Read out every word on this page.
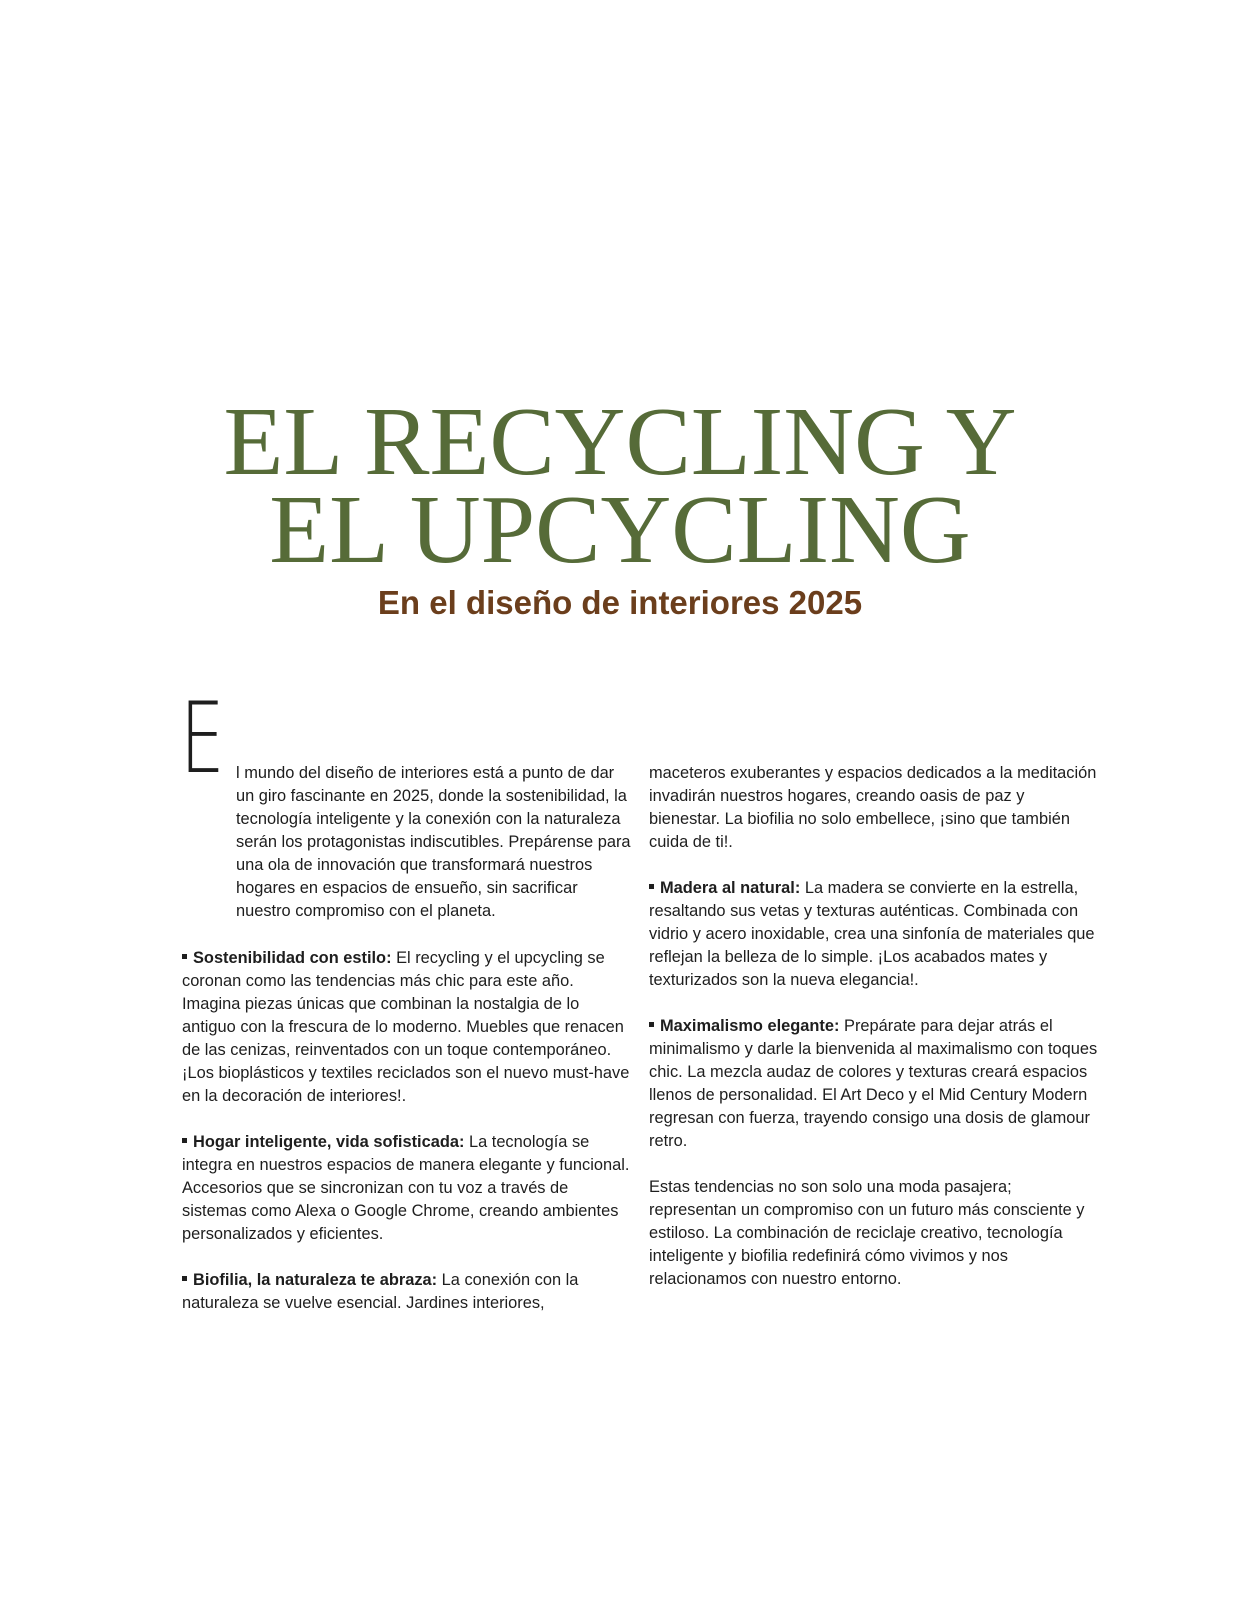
EL RECYCLING Y
EL UPCYCLING
En el diseño de interiores 2025
E l mundo del diseño de interiores está a punto de dar un giro fascinante en 2025, donde la sostenibilidad, la tecnología inteligente y la conexión con la naturaleza serán los protagonistas indiscutibles. Prepárense para una ola de innovación que transformará nuestros hogares en espacios de ensueño, sin sacrificar nuestro compromiso con el planeta.

Sostenibilidad con estilo: El recycling y el upcycling se coronan como las tendencias más chic para este año. Imagina piezas únicas que combinan la nostalgia de lo antiguo con la frescura de lo moderno. Muebles que renacen de las cenizas, reinventados con un toque contemporáneo. ¡Los bioplásticos y textiles reciclados son el nuevo must-have en la decoración de interiores!.

Hogar inteligente, vida sofisticada: La tecnología se integra en nuestros espacios de manera elegante y funcional. Accesorios que se sincronizan con tu voz a través de sistemas como Alexa o Google Chrome, creando ambientes personalizados y eficientes.

Biofilia, la naturaleza te abraza: La conexión con la naturaleza se vuelve esencial. Jardines interiores,

maceteros exuberantes y espacios dedicados a la meditación invadirán nuestros hogares, creando oasis de paz y bienestar. La biofilia no solo embellece, ¡sino que también cuida de ti!.

Madera al natural: La madera se convierte en la estrella, resaltando sus vetas y texturas auténticas. Combinada con vidrio y acero inoxidable, crea una sinfonía de materiales que reflejan la belleza de lo simple. ¡Los acabados mates y texturizados son la nueva elegancia!.

Maximalismo elegante: Prepárate para dejar atrás el minimalismo y darle la bienvenida al maximalismo con toques chic. La mezcla audaz de colores y texturas creará espacios llenos de personalidad. El Art Deco y el Mid Century Modern regresan con fuerza, trayendo consigo una dosis de glamour retro.

Estas tendencias no son solo una moda pasajera; representan un compromiso con un futuro más consciente y estiloso. La combinación de reciclaje creativo, tecnología inteligente y biofilia redefinirá cómo vivimos y nos relacionamos con nuestro entorno.
